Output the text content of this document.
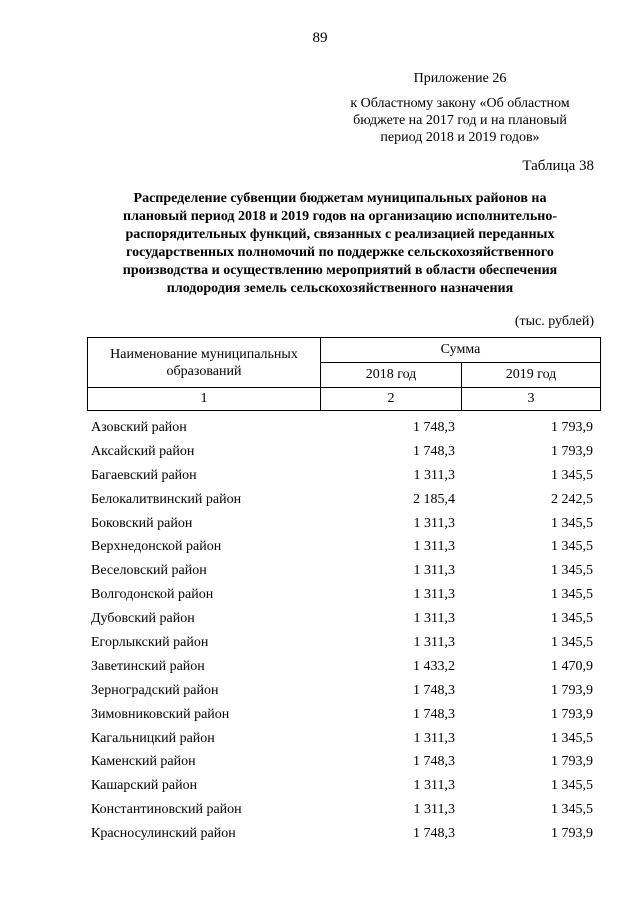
89
Приложение 26
к Областному закону «Об областном
бюджете на 2017 год и на плановый
период 2018 и 2019 годов»
Таблица 38
Распределение субвенции бюджетам муниципальных районов на
плановый период 2018 и 2019 годов на организацию исполнительно-
распорядительных функций, связанных с реализацией переданных
государственных полномочий по поддержке сельскохозяйственного
производства и осуществлению мероприятий в области обеспечения
плодородия земель сельскохозяйственного назначения
(тыс. рублей)
Наименование муниципальных
образований	Сумма	
	2018 год	2019 год
1	2	3
Азовский район	1 748,3	1 793,9
Аксайский район	1 748,3	1 793,9
Багаевский район	1 311,3	1 345,5
Белокалитвинский район	2 185,4	2 242,5
Боковский район	1 311,3	1 345,5
Верхнедонской район	1 311,3	1 345,5
Веселовский район	1 311,3	1 345,5
Волгодонской район	1 311,3	1 345,5
Дубовский район	1 311,3	1 345,5
Егорлыкский район	1 311,3	1 345,5
Заветинский район	1 433,2	1 470,9
Зерноградский район	1 748,3	1 793,9
Зимовниковский район	1 748,3	1 793,9
Кагальницкий район	1 311,3	1 345,5
Каменский район	1 748,3	1 793,9
Кашарский район	1 311,3	1 345,5
Константиновский район	1 311,3	1 345,5
Красносулинский район	1 748,3	1 793,9
